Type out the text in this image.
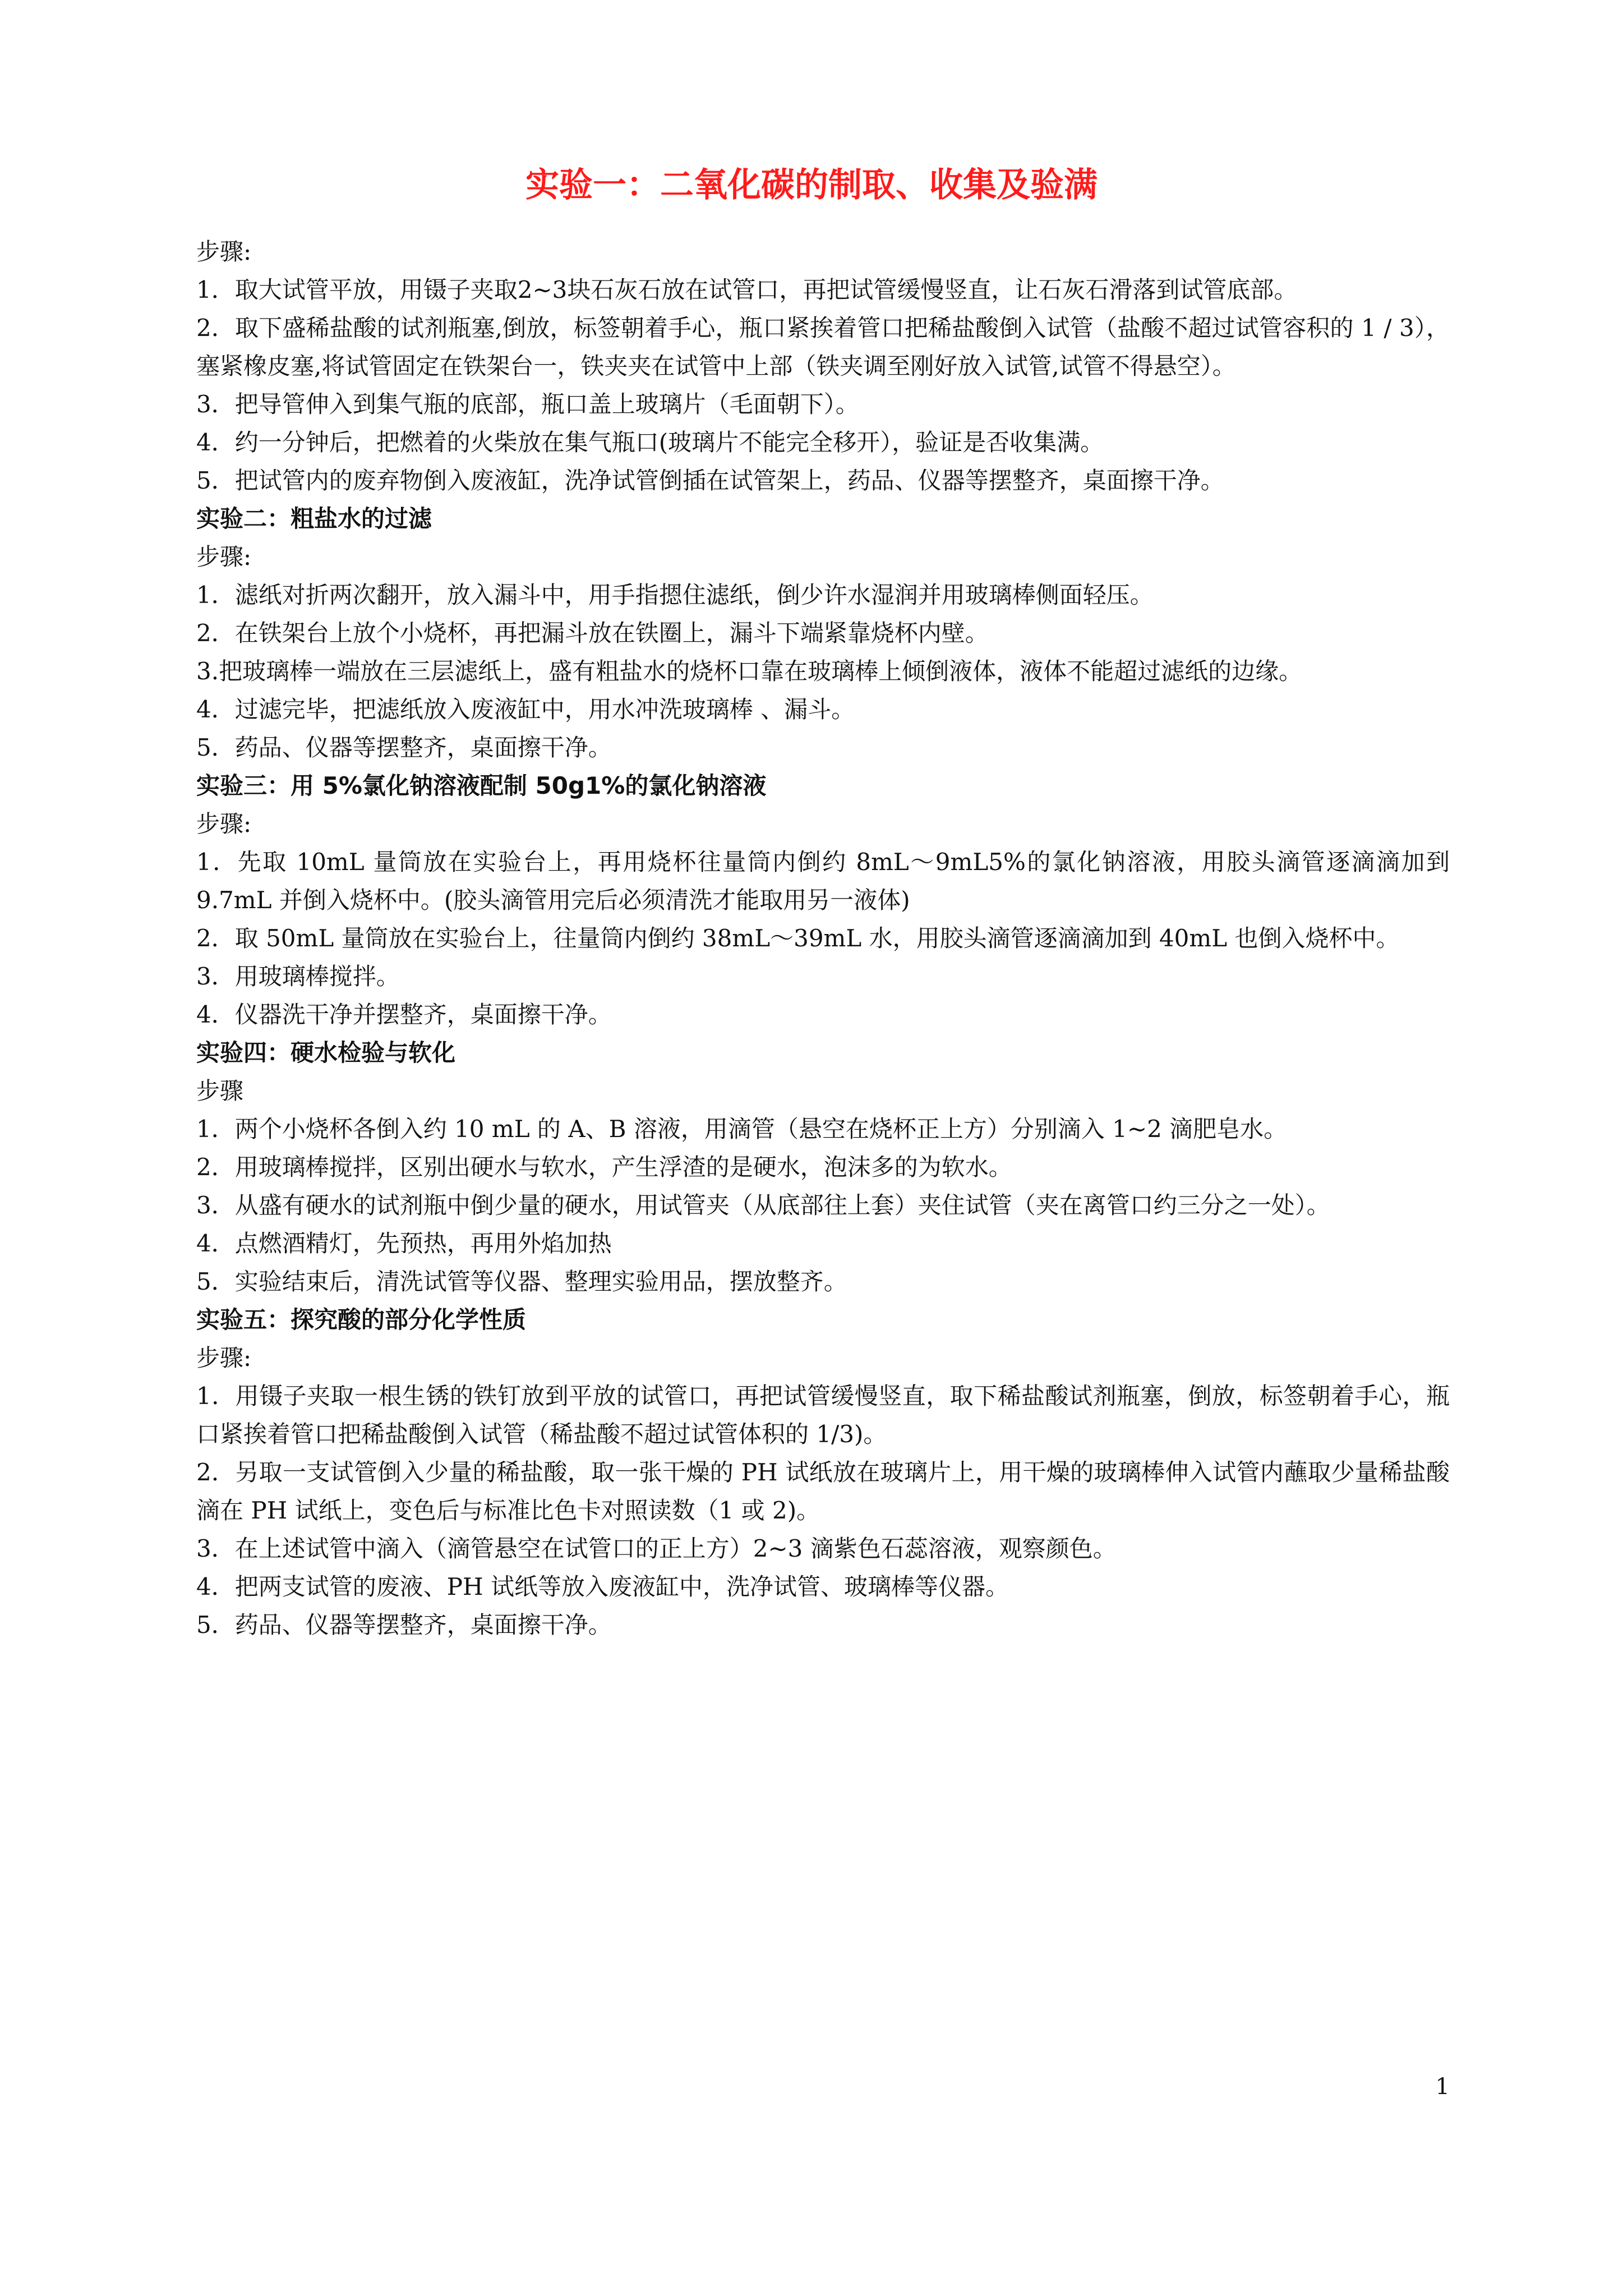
实验一：二氧化碳的制取、收集及验满

步骤:

1．取大试管平放，用镊子夹取2~3块石灰石放在试管口，再把试管缓慢竖直，让石灰石滑落到试管底部。

2．取下盛稀盐酸的试剂瓶塞,倒放，标签朝着手心，瓶口紧挨着管口把稀盐酸倒入试管（盐酸不超过试管容积的 1 / 3），塞紧橡皮塞,将试管固定在铁架台一，铁夹夹在试管中上部（铁夹调至刚好放入试管,试管不得悬空）。

3．把导管伸入到集气瓶的底部，瓶口盖上玻璃片（毛面朝下）。

4．约一分钟后，把燃着的火柴放在集气瓶口(玻璃片不能完全移开），验证是否收集满。

5．把试管内的废弃物倒入废液缸，洗净试管倒插在试管架上，药品、仪器等摆整齐，桌面擦干净。

实验二：粗盐水的过滤

步骤:

1．滤纸对折两次翻开，放入漏斗中，用手指摁住滤纸，倒少许水湿润并用玻璃棒侧面轻压。

2．在铁架台上放个小烧杯，再把漏斗放在铁圈上，漏斗下端紧靠烧杯内壁。

3.把玻璃棒一端放在三层滤纸上，盛有粗盐水的烧杯口靠在玻璃棒上倾倒液体，液体不能超过滤纸的边缘。

4．过滤完毕，把滤纸放入废液缸中，用水冲洗玻璃棒 、漏斗。

5．药品、仪器等摆整齐，桌面擦干净。

实验三：用 5%氯化钠溶液配制 50g1%的氯化钠溶液

步骤:

1．先取 10mL 量筒放在实验台上，再用烧杯往量筒内倒约 8mL～9mL5%的氯化钠溶液，用胶头滴管逐滴滴加到 9.7mL 并倒入烧杯中。(胶头滴管用完后必须清洗才能取用另一液体)

2．取 50mL 量筒放在实验台上，往量筒内倒约 38mL～39mL 水，用胶头滴管逐滴滴加到 40mL 也倒入烧杯中。

3．用玻璃棒搅拌。

4．仪器洗干净并摆整齐，桌面擦干净。

实验四：硬水检验与软化

步骤

1．两个小烧杯各倒入约 10 mL 的 A、B 溶液，用滴管（悬空在烧杯正上方）分别滴入 1~2 滴肥皂水。

2．用玻璃棒搅拌，区别出硬水与软水，产生浮渣的是硬水，泡沫多的为软水。

3．从盛有硬水的试剂瓶中倒少量的硬水，用试管夹（从底部往上套）夹住试管（夹在离管口约三分之一处）。

4．点燃酒精灯，先预热，再用外焰加热

5．实验结束后，清洗试管等仪器、整理实验用品，摆放整齐。

实验五：探究酸的部分化学性质

步骤:

1．用镊子夹取一根生锈的铁钉放到平放的试管口，再把试管缓慢竖直，取下稀盐酸试剂瓶塞，倒放，标签朝着手心，瓶口紧挨着管口把稀盐酸倒入试管（稀盐酸不超过试管体积的 1/3)。

2．另取一支试管倒入少量的稀盐酸，取一张干燥的 PH 试纸放在玻璃片上，用干燥的玻璃棒伸入试管内蘸取少量稀盐酸滴在 PH 试纸上，变色后与标准比色卡对照读数（1 或 2)。

3．在上述试管中滴入（滴管悬空在试管口的正上方）2~3 滴紫色石蕊溶液，观察颜色。

4．把两支试管的废液、PH 试纸等放入废液缸中，洗净试管、玻璃棒等仪器。

5．药品、仪器等摆整齐，桌面擦干净。

1
